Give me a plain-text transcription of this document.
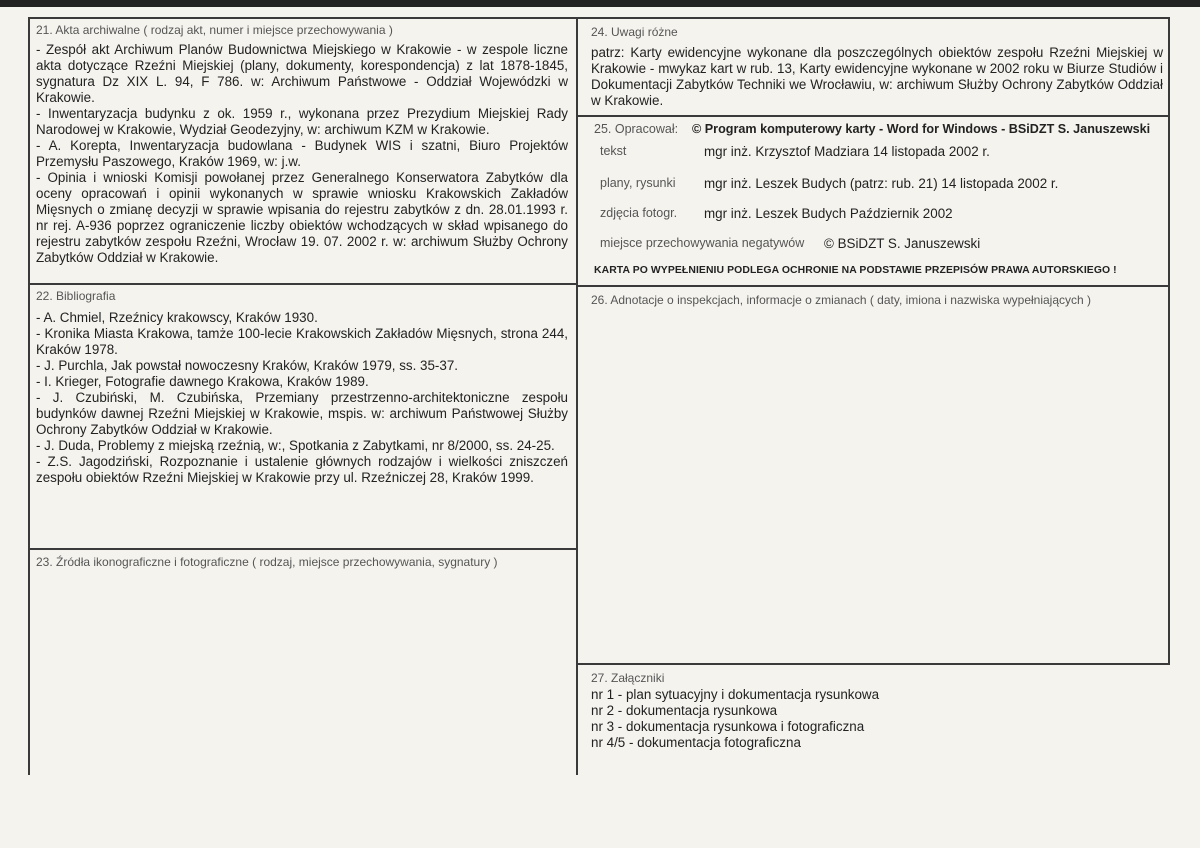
21. Akta archiwalne ( rodzaj akt, numer i miejsce przechowywania )
- Zespół akt Archiwum Planów Budownictwa Miejskiego w Krakowie - w zespole liczne akta dotyczące Rzeźni Miejskiej (plany, dokumenty, korespondencja) z lat 1878-1845, sygnatura Dz XIX L. 94, F 786. w: Archiwum Państwowe - Oddział Wojewódzki w Krakowie.
- Inwentaryzacja budynku z ok. 1959 r., wykonana przez Prezydium Miejskiej Rady Narodowej w Krakowie, Wydział Geodezyjny, w: archiwum KZM w Krakowie.
- A. Korepta, Inwentaryzacja budowlana - Budynek WIS i szatni, Biuro Projektów Przemysłu Paszowego, Kraków 1969, w: j.w.
- Opinia i wnioski Komisji powołanej przez Generalnego Konserwatora Zabytków dla oceny opracowań i opinii wykonanych w sprawie wniosku Krakowskich Zakładów Mięsnych o zmianę decyzji w sprawie wpisania do rejestru zabytków z dn. 28.01.1993 r. nr rej. A-936 poprzez ograniczenie liczby obiektów wchodzących w skład wpisanego do rejestru zabytków zespołu Rzeźni, Wrocław 19. 07. 2002 r. w: archiwum Służby Ochrony Zabytków Oddział w Krakowie.
22. Bibliografia
- A. Chmiel, Rzeźnicy krakowscy, Kraków 1930.
- Kronika Miasta Krakowa, tamże 100-lecie Krakowskich Zakładów Mięsnych, strona 244, Kraków 1978.
- J. Purchla, Jak powstał nowoczesny Kraków, Kraków 1979, ss. 35-37.
- I. Krieger, Fotografie dawnego Krakowa, Kraków 1989.
- J. Czubiński, M. Czubińska, Przemiany przestrzenno-architektoniczne zespołu budynków dawnej Rzeźni Miejskiej w Krakowie, mspis. w: archiwum Państwowej Służby Ochrony Zabytków Oddział w Krakowie.
- J. Duda, Problemy z miejską rzeźnią, w:, Spotkania z Zabytkami, nr 8/2000, ss. 24-25.
- Z.S. Jagodziński, Rozpoznanie i ustalenie głównych rodzajów i wielkości zniszczeń zespołu obiektów Rzeźni Miejskiej w Krakowie przy ul. Rzeźniczej 28, Kraków 1999.
23. Źródła ikonograficzne i fotograficzne ( rodzaj, miejsce przechowywania, sygnatury )
24. Uwagi różne
patrz: Karty ewidencyjne wykonane dla poszczególnych obiektów zespołu Rzeźni Miejskiej w Krakowie - mwykaz kart w rub. 13, Karty ewidencyjne wykonane w 2002 roku w Biurze Studiów i Dokumentacji Zabytków Techniki we Wrocławiu, w: archiwum Służby Ochrony Zabytków Oddział w Krakowie.
25. Opracował: © Program komputerowy karty - Word for Windows - BSiDZT S. Januszewski
tekst	mgr inż. Krzysztof Madziara 14 listopada 2002 r.
plany, rysunki mgr inż. Leszek Budych (patrz: rub. 21) 14 listopada 2002 r.
zdjęcia fotogr. mgr inż. Leszek Budych Październik 2002
miejsce przechowywania negatywów © BSiDZT S. Januszewski
KARTA PO WYPEŁNIENIU PODLEGA OCHRONIE NA PODSTAWIE PRZEPISÓW PRAWA AUTORSKIEGO !
26. Adnotacje o inspekcjach, informacje o zmianach ( daty, imiona i nazwiska wypełniających )
27. Załączniki
nr 1 - plan sytuacyjny i dokumentacja rysunkowa
nr 2 - dokumentacja rysunkowa
nr 3 - dokumentacja rysunkowa i fotograficzna
nr 4/5 - dokumentacja fotograficzna
